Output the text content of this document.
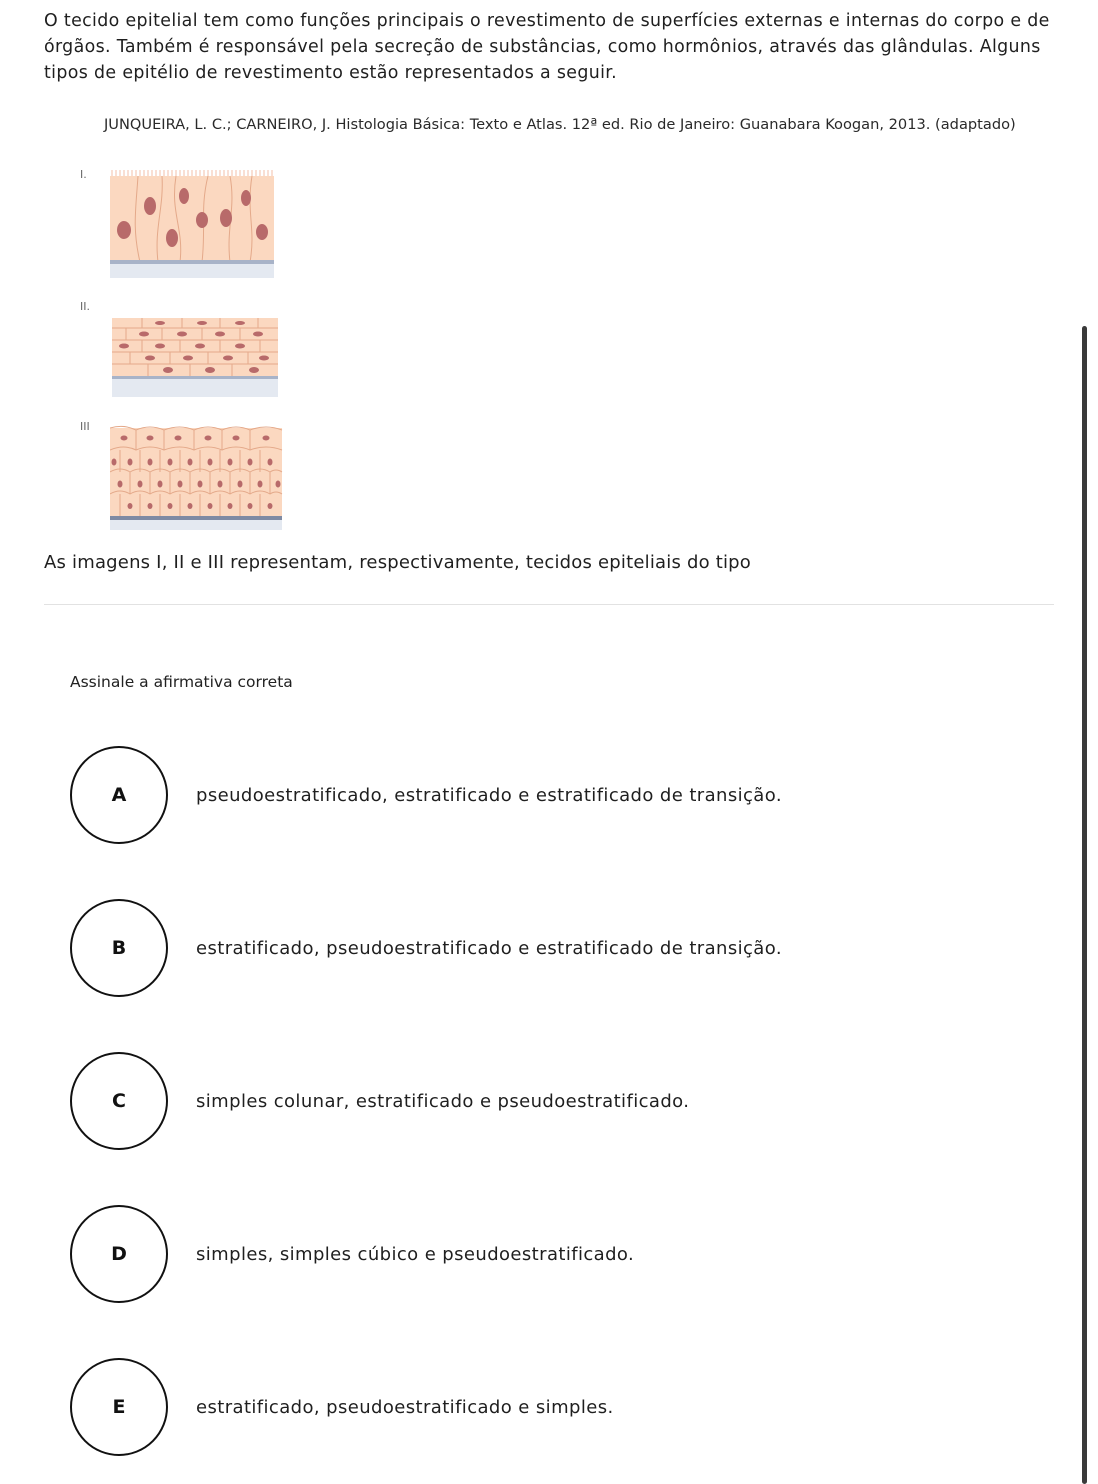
O tecido epitelial tem como funções principais o revestimento de superfícies externas e internas do corpo e de órgãos. Também é responsável pela secreção de substâncias, como hormônios, através das glândulas. Alguns tipos de epitélio de revestimento estão representados a seguir.

JUNQUEIRA, L. C.; CARNEIRO, J. Histologia Básica: Texto e Atlas. 12ª ed. Rio de Janeiro: Guanabara Koogan, 2013. (adaptado)

I.
II.
III

As imagens I, II e III representam, respectivamente, tecidos epiteliais do tipo

Assinale a afirmativa correta

A	pseudoestratificado, estratificado e estratificado de transição.
B	estratificado, pseudoestratificado e estratificado de transição.
C	simples colunar, estratificado e pseudoestratificado.
D	simples, simples cúbico e pseudoestratificado.
E	estratificado, pseudoestratificado e simples.
